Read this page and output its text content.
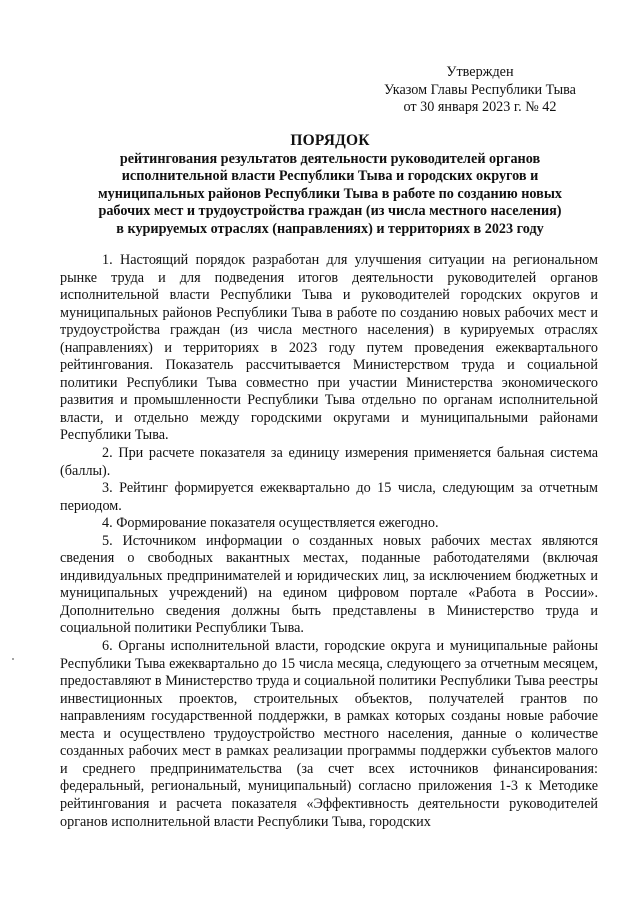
Утвержден
Указом Главы Республики Тыва
от 30 января 2023 г. № 42
ПОРЯДОК
рейтингования результатов деятельности руководителей органов
исполнительной власти Республики Тыва и городских округов и
муниципальных районов Республики Тыва в работе по созданию новых
рабочих мест и трудоустройства граждан (из числа местного населения)
в курируемых отраслях (направлениях) и территориях в 2023 году

1. Настоящий порядок разработан для улучшения ситуации на региональном рынке труда и для подведения итогов деятельности руководителей органов исполнительной власти Республики Тыва и руководителей городских округов и муниципальных районов Республики Тыва в работе по созданию новых рабочих мест и трудоустройства граждан (из числа местного населения) в курируемых отраслях (направлениях) и территориях в 2023 году путем проведения ежеквартального рейтингования. Показатель рассчитывается Министерством труда и социальной политики Республики Тыва совместно при участии Министерства экономического развития и промышленности Республики Тыва отдельно по органам исполнительной власти, и отдельно между городскими округами и муниципальными районами Республики Тыва.

2. При расчете показателя за единицу измерения применяется бальная система (баллы).

3. Рейтинг формируется ежеквартально до 15 числа, следующим за отчетным периодом.

4. Формирование показателя осуществляется ежегодно.

5. Источником информации о созданных новых рабочих местах являются сведения о свободных вакантных местах, поданные работодателями (включая индивидуальных предпринимателей и юридических лиц, за исключением бюджетных и муниципальных учреждений) на едином цифровом портале «Работа в России». Дополнительно сведения должны быть представлены в Министерство труда и социальной политики Республики Тыва.

6. Органы исполнительной власти, городские округа и муниципальные районы Республики Тыва ежеквартально до 15 числа месяца, следующего за отчетным месяцем, предоставляют в Министерство труда и социальной политики Республики Тыва реестры инвестиционных проектов, строительных объектов, получателей грантов по направлениям государственной поддержки, в рамках которых созданы новые рабочие места и осуществлено трудоустройство местного населения, данные о количестве созданных рабочих мест в рамках реализации программы поддержки субъектов малого и среднего предпринимательства (за счет всех источников финансирования: федеральный, региональный, муниципальный) согласно приложения 1-3 к Методике рейтингования и расчета показателя «Эффективность деятельности руководителей органов исполнительной власти Республики Тыва, городских
